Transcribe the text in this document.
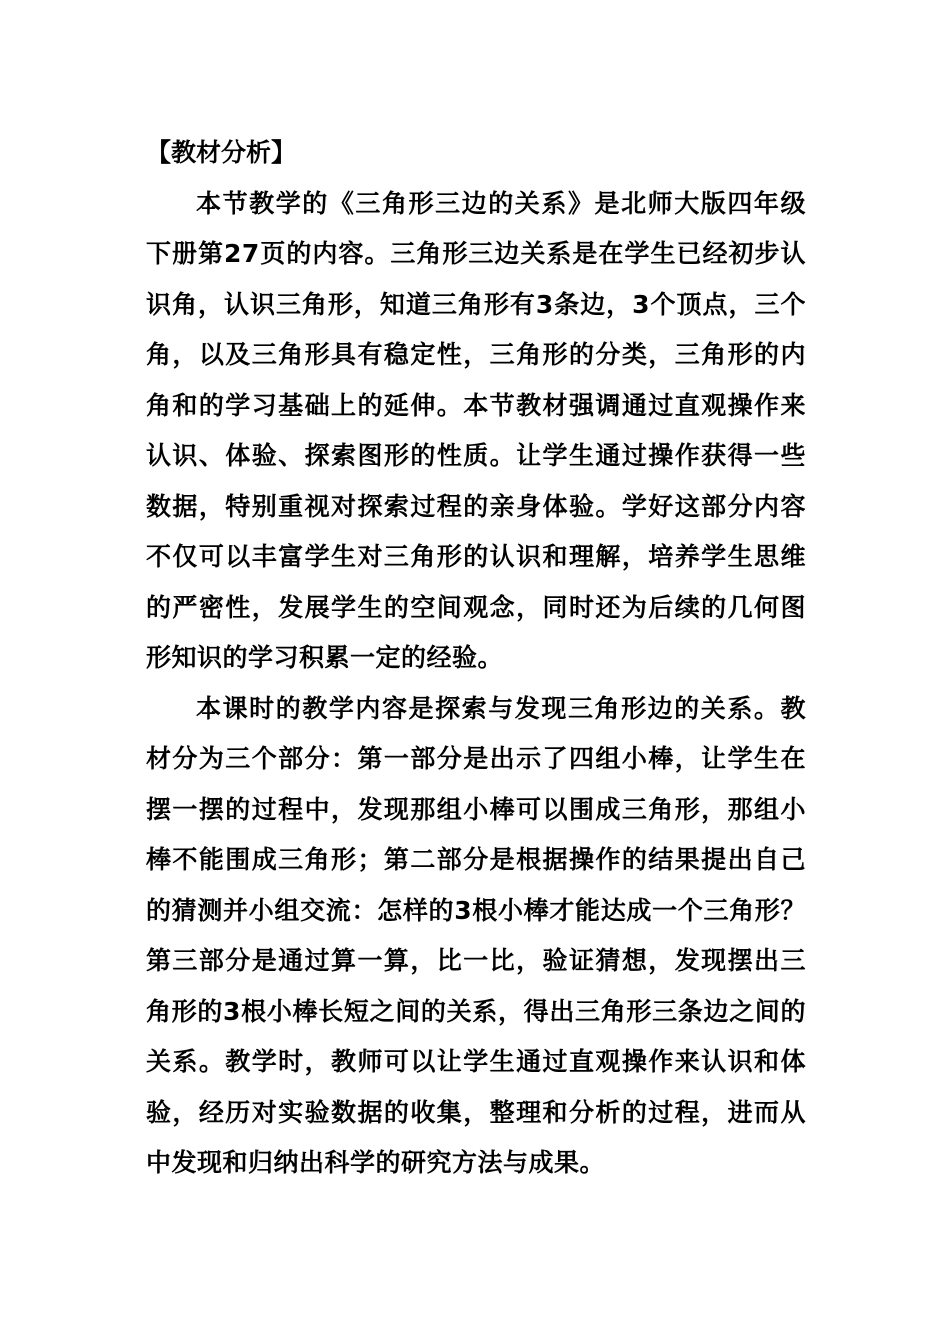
【教材分析】

本节教学的《三角形三边的关系》是北师大版四年级下册第27页的内容。三角形三边关系是在学生已经初步认识角，认识三角形，知道三角形有3条边，3个顶点，三个角，以及三角形具有稳定性，三角形的分类，三角形的内角和的学习基础上的延伸。本节教材强调通过直观操作来认识、体验、探索图形的性质。让学生通过操作获得一些数据，特别重视对探索过程的亲身体验。学好这部分内容不仅可以丰富学生对三角形的认识和理解，培养学生思维的严密性，发展学生的空间观念，同时还为后续的几何图形知识的学习积累一定的经验。

本课时的教学内容是探索与发现三角形边的关系。教材分为三个部分：第一部分是出示了四组小棒，让学生在摆一摆的过程中，发现那组小棒可以围成三角形，那组小棒不能围成三角形；第二部分是根据操作的结果提出自己的猜测并小组交流：怎样的3根小棒才能达成一个三角形？第三部分是通过算一算，比一比，验证猜想，发现摆出三角形的3根小棒长短之间的关系，得出三角形三条边之间的关系。教学时，教师可以让学生通过直观操作来认识和体验，经历对实验数据的收集，整理和分析的过程，进而从中发现和归纳出科学的研究方法与成果。
